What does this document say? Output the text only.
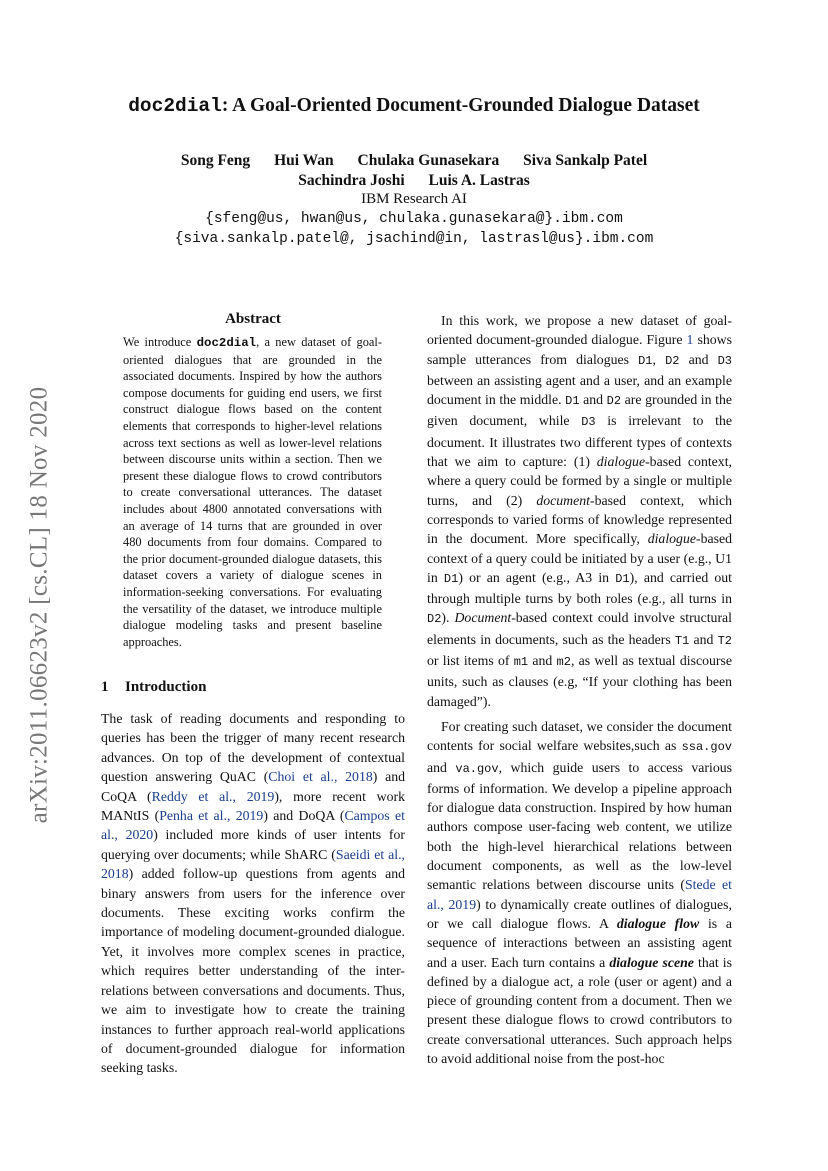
arXiv:2011.06623v2 [cs.CL] 18 Nov 2020
doc2dial: A Goal-Oriented Document-Grounded Dialogue Dataset
Song Feng Hui Wan Chulaka Gunasekara Siva Sankalp Patel
Sachindra Joshi Luis A. Lastras
IBM Research AI
{sfeng@us, hwan@us, chulaka.gunasekara@}.ibm.com
{siva.sankalp.patel@, jsachind@in, lastrasl@us}.ibm.com
Abstract
We introduce doc2dial, a new dataset of goal-oriented dialogues that are grounded in the associated documents. Inspired by how the authors compose documents for guiding end users, we first construct dialogue flows based on the content elements that corresponds to higher-level relations across text sections as well as lower-level relations between discourse units within a section. Then we present these dialogue flows to crowd contributors to create conversational utterances. The dataset includes about 4800 annotated conversations with an average of 14 turns that are grounded in over 480 documents from four domains. Compared to the prior document-grounded dialogue datasets, this dataset covers a variety of dialogue scenes in information-seeking conversations. For evaluating the versatility of the dataset, we introduce multiple dialogue modeling tasks and present baseline approaches.
1 Introduction
The task of reading documents and responding to queries has been the trigger of many recent research advances. On top of the development of contextual question answering QuAC (Choi et al., 2018) and CoQA (Reddy et al., 2019), more recent work MANtIS (Penha et al., 2019) and DoQA (Campos et al., 2020) included more kinds of user intents for querying over documents; while ShARC (Saeidi et al., 2018) added follow-up questions from agents and binary answers from users for the inference over documents. These exciting works confirm the importance of modeling document-grounded dialogue. Yet, it involves more complex scenes in practice, which requires better understanding of the inter-relations between conversations and documents. Thus, we aim to investigate how to create the training instances to further approach real-world applications of document-grounded dialogue for information seeking tasks.

In this work, we propose a new dataset of goal-oriented document-grounded dialogue. Figure 1 shows sample utterances from dialogues D1, D2 and D3 between an assisting agent and a user, and an example document in the middle. D1 and D2 are grounded in the given document, while D3 is irrelevant to the document. It illustrates two different types of contexts that we aim to capture: (1) dialogue-based context, where a query could be formed by a single or multiple turns, and (2) document-based context, which corresponds to varied forms of knowledge represented in the document. More specifically, dialogue-based context of a query could be initiated by a user (e.g., U1 in D1) or an agent (e.g., A3 in D1), and carried out through multiple turns by both roles (e.g., all turns in D2). Document-based context could involve structural elements in documents, such as the headers T1 and T2 or list items of m1 and m2, as well as textual discourse units, such as clauses (e.g, “If your clothing has been damaged”).

For creating such dataset, we consider the document contents for social welfare websites,such as ssa.gov and va.gov, which guide users to access various forms of information. We develop a pipeline approach for dialogue data construction. Inspired by how human authors compose user-facing web content, we utilize both the high-level hierarchical relations between document components, as well as the low-level semantic relations between discourse units (Stede et al., 2019) to dynamically create outlines of dialogues, or we call dialogue flows. A dialogue flow is a sequence of interactions between an assisting agent and a user. Each turn contains a dialogue scene that is defined by a dialogue act, a role (user or agent) and a piece of grounding content from a document. Then we present these dialogue flows to crowd contributors to create conversational utterances. Such approach helps to avoid additional noise from the post-hoc
